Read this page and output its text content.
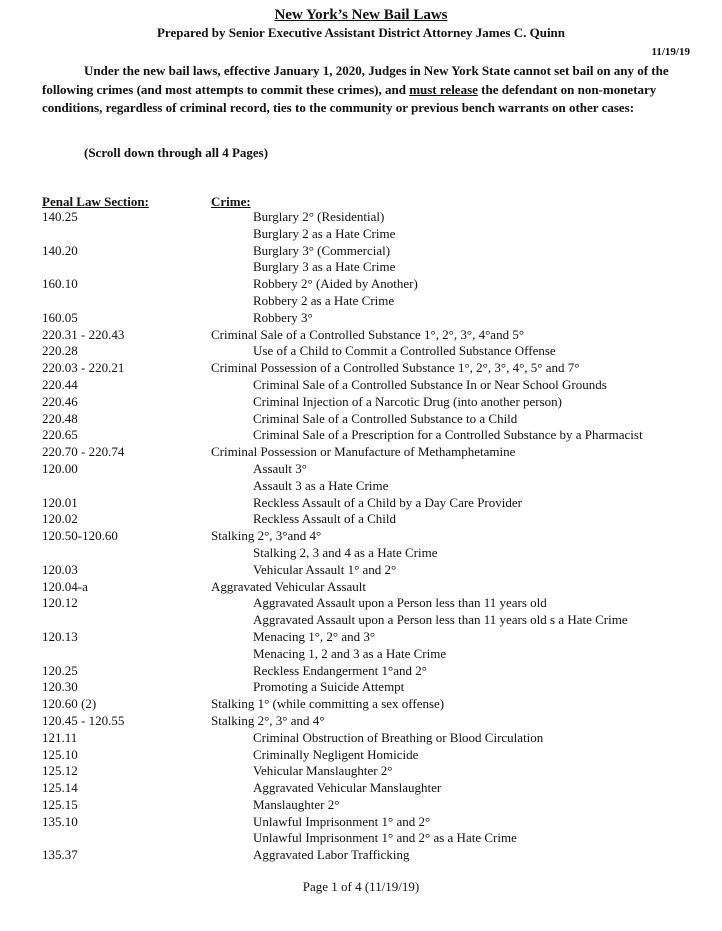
New York’s New Bail Laws
Prepared by Senior Executive Assistant District Attorney James C. Quinn
11/19/19

Under the new bail laws, effective January 1, 2020, Judges in New York State cannot set bail on any of the following crimes (and most attempts to commit these crimes), and must release the defendant on non-monetary conditions, regardless of criminal record, ties to the community or previous bench warrants on other cases:

(Scroll down through all 4 Pages)
Penal Law Section:	Crime:
140.25	Burglary 2° (Residential)
Burglary 2 as a Hate Crime
140.20	Burglary 3° (Commercial)
Burglary 3 as a Hate Crime
160.10	Robbery 2° (Aided by Another)
Robbery 2 as a Hate Crime
160.05	Robbery 3°
220.31 - 220.43	Criminal Sale of a Controlled Substance 1°, 2°, 3°, 4°and 5°
220.28	Use of a Child to Commit a Controlled Substance Offense
220.03 - 220.21	Criminal Possession of a Controlled Substance 1°, 2°, 3°, 4°, 5° and 7°
220.44	Criminal Sale of a Controlled Substance In or Near School Grounds
220.46	Criminal Injection of a Narcotic Drug (into another person)
220.48	Criminal Sale of a Controlled Substance to a Child
220.65	Criminal Sale of a Prescription for a Controlled Substance by a Pharmacist
220.70 - 220.74	Criminal Possession or Manufacture of Methamphetamine
120.00	Assault 3°
Assault 3 as a Hate Crime
120.01	Reckless Assault of a Child by a Day Care Provider
120.02	Reckless Assault of a Child
120.50-120.60	Stalking 2°, 3°and 4°
Stalking 2, 3 and 4 as a Hate Crime
120.03	Vehicular Assault 1° and 2°
120.04-a	Aggravated Vehicular Assault
120.12	Aggravated Assault upon a Person less than 11 years old
Aggravated Assault upon a Person less than 11 years old s a Hate Crime
120.13	Menacing 1°, 2° and 3°
Menacing 1, 2 and 3 as a Hate Crime
120.25	Reckless Endangerment 1°and 2°
120.30	Promoting a Suicide Attempt
120.60 (2)	Stalking 1° (while committing a sex offense)
120.45 - 120.55	Stalking 2°, 3° and 4°
121.11	Criminal Obstruction of Breathing or Blood Circulation
125.10	Criminally Negligent Homicide
125.12	Vehicular Manslaughter 2°
125.14	Aggravated Vehicular Manslaughter
125.15	Manslaughter 2°
135.10	Unlawful Imprisonment 1° and 2°
Unlawful Imprisonment 1° and 2° as a Hate Crime
135.37	Aggravated Labor Trafficking
Page 1 of 4 (11/19/19)
